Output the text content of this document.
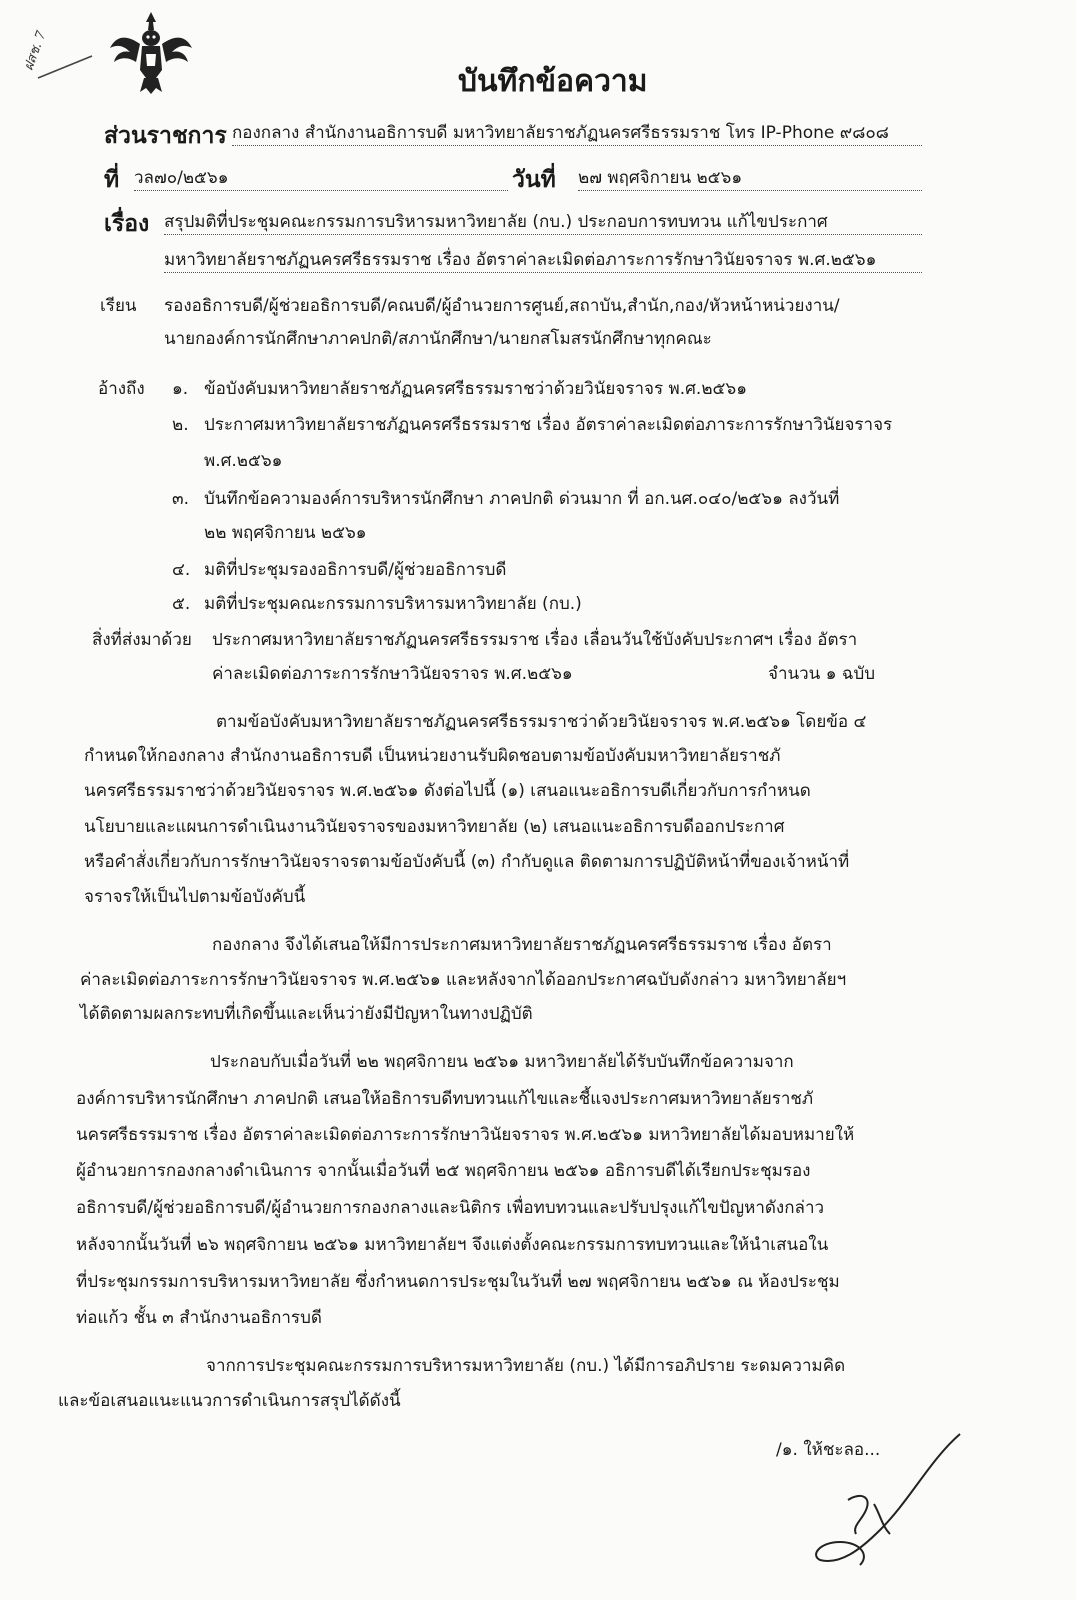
ฝสช. 7
บันทึกข้อความ
ส่วนราชการ กองกลาง สำนักงานอธิการบดี มหาวิทยาลัยราชภัฏนครศรีธรรมราช โทร IP-Phone ๙๘๐๘
ที่ วล๗๐/๒๕๖๑	วันที่ ๒๗ พฤศจิกายน ๒๕๖๑
เรื่อง สรุปมติที่ประชุมคณะกรรมการบริหารมหาวิทยาลัย (กบ.) ประกอบการทบทวน แก้ไขประกาศ
มหาวิทยาลัยราชภัฏนครศรีธรรมราช เรื่อง อัตราค่าละเมิดต่อภาระการรักษาวินัยจราจร พ.ศ.๒๕๖๑
เรียน รองอธิการบดี/ผู้ช่วยอธิการบดี/คณบดี/ผู้อำนวยการศูนย์,สถาบัน,สำนัก,กอง/หัวหน้าหน่วยงาน/
นายกองค์การนักศึกษาภาคปกติ/สภานักศึกษา/นายกสโมสรนักศึกษาทุกคณะ
อ้างถึง ๑. ข้อบังคับมหาวิทยาลัยราชภัฏนครศรีธรรมราชว่าด้วยวินัยจราจร พ.ศ.๒๕๖๑
๒. ประกาศมหาวิทยาลัยราชภัฏนครศรีธรรมราช เรื่อง อัตราค่าละเมิดต่อภาระการรักษาวินัยจราจร
พ.ศ.๒๕๖๑
๓. บันทึกข้อความองค์การบริหารนักศึกษา ภาคปกติ ด่วนมาก ที่ อก.นศ.๐๔๐/๒๕๖๑ ลงวันที่
๒๒ พฤศจิกายน ๒๕๖๑
๔. มติที่ประชุมรองอธิการบดี/ผู้ช่วยอธิการบดี
๕. มติที่ประชุมคณะกรรมการบริหารมหาวิทยาลัย (กบ.)
สิ่งที่ส่งมาด้วย ประกาศมหาวิทยาลัยราชภัฏนครศรีธรรมราช เรื่อง เลื่อนวันใช้บังคับประกาศฯ เรื่อง อัตรา
ค่าละเมิดต่อภาระการรักษาวินัยจราจร พ.ศ.๒๕๖๑	จำนวน ๑ ฉบับ
ตามข้อบังคับมหาวิทยาลัยราชภัฏนครศรีธรรมราชว่าด้วยวินัยจราจร พ.ศ.๒๕๖๑ โดยข้อ ๔
กำหนดให้กองกลาง สำนักงานอธิการบดี เป็นหน่วยงานรับผิดชอบตามข้อบังคับมหาวิทยาลัยราชภั
นครศรีธรรมราชว่าด้วยวินัยจราจร พ.ศ.๒๕๖๑ ดังต่อไปนี้ (๑) เสนอแนะอธิการบดีเกี่ยวกับการกำหนด
นโยบายและแผนการดำเนินงานวินัยจราจรของมหาวิทยาลัย (๒) เสนอแนะอธิการบดีออกประกาศ
หรือคำสั่งเกี่ยวกับการรักษาวินัยจราจรตามข้อบังคับนี้ (๓) กำกับดูแล ติดตามการปฏิบัติหน้าที่ของเจ้าหน้าที่
จราจรให้เป็นไปตามข้อบังคับนี้
กองกลาง จึงได้เสนอให้มีการประกาศมหาวิทยาลัยราชภัฏนครศรีธรรมราช เรื่อง อัตรา
ค่าละเมิดต่อภาระการรักษาวินัยจราจร พ.ศ.๒๕๖๑ และหลังจากได้ออกประกาศฉบับดังกล่าว มหาวิทยาลัยฯ
ได้ติดตามผลกระทบที่เกิดขึ้นและเห็นว่ายังมีปัญหาในทางปฏิบัติ
ประกอบกับเมื่อวันที่ ๒๒ พฤศจิกายน ๒๕๖๑ มหาวิทยาลัยได้รับบันทึกข้อความจาก
องค์การบริหารนักศึกษา ภาคปกติ เสนอให้อธิการบดีทบทวนแก้ไขและชี้แจงประกาศมหาวิทยาลัยราชภั
นครศรีธรรมราช เรื่อง อัตราค่าละเมิดต่อภาระการรักษาวินัยจราจร พ.ศ.๒๕๖๑ มหาวิทยาลัยได้มอบหมายให้
ผู้อำนวยการกองกลางดำเนินการ จากนั้นเมื่อวันที่ ๒๕ พฤศจิกายน ๒๕๖๑ อธิการบดีได้เรียกประชุมรอง
อธิการบดี/ผู้ช่วยอธิการบดี/ผู้อำนวยการกองกลางและนิติกร เพื่อทบทวนและปรับปรุงแก้ไขปัญหาดังกล่าว
หลังจากนั้นวันที่ ๒๖ พฤศจิกายน ๒๕๖๑ มหาวิทยาลัยฯ จึงแต่งตั้งคณะกรรมการทบทวนและให้นำเสนอใน
ที่ประชุมกรรมการบริหารมหาวิทยาลัย ซึ่งกำหนดการประชุมในวันที่ ๒๗ พฤศจิกายน ๒๕๖๑ ณ ห้องประชุม
ท่อแก้ว ชั้น ๓ สำนักงานอธิการบดี
จากการประชุมคณะกรรมการบริหารมหาวิทยาลัย (กบ.) ได้มีการอภิปราย ระดมความคิด
และข้อเสนอแนะแนวการดำเนินการสรุปได้ดังนี้
/๑. ให้ชะลอ...
